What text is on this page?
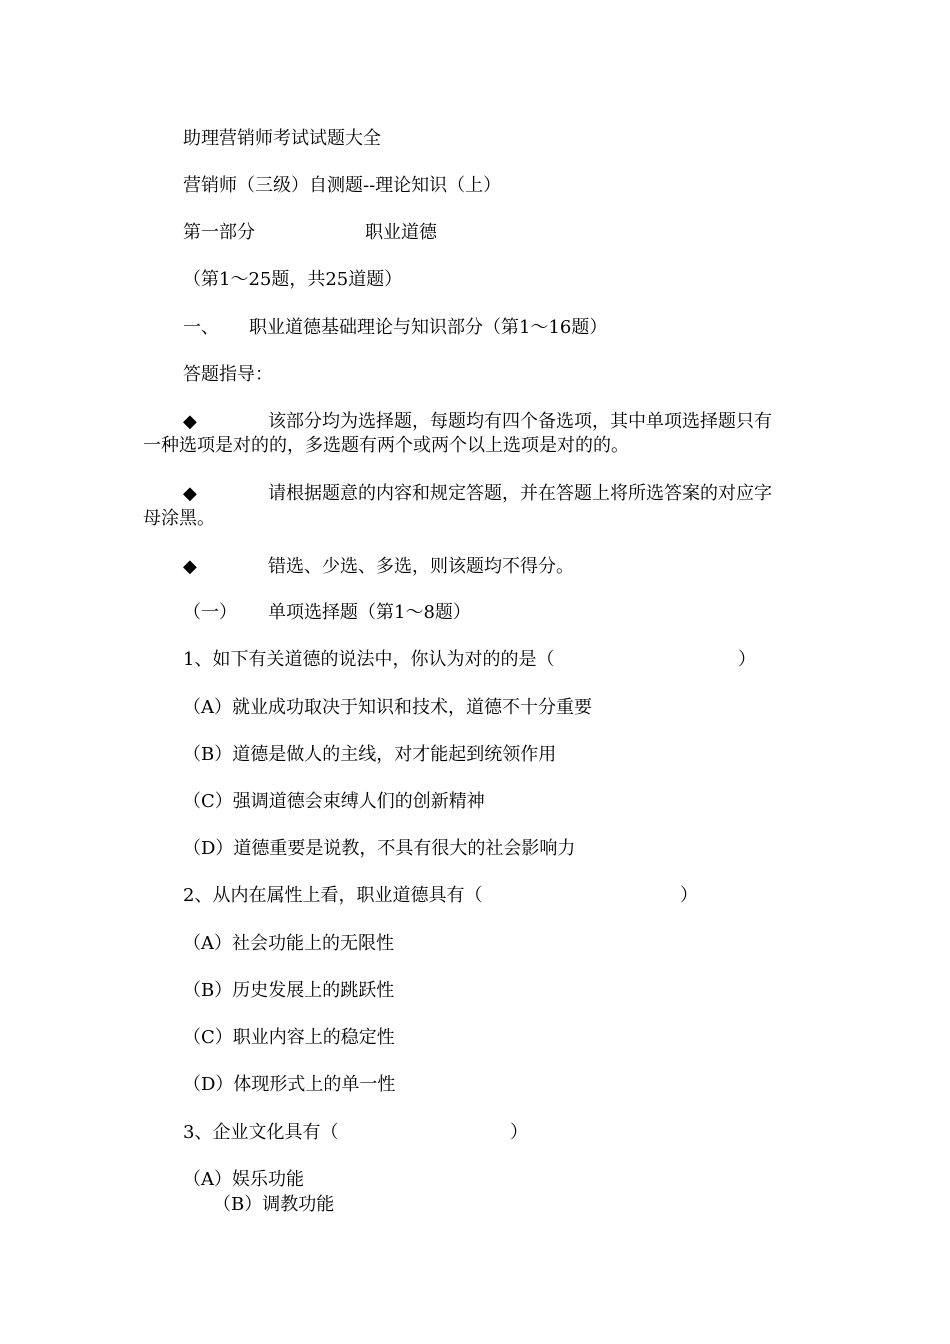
助理营销师考试试题大全
营销师（三级）自测题--理论知识（上）
第一部分	职业道德
（第1～25题，共25道题）
一、 职业道德基础理论与知识部分（第1～16题）
答题指导：
◆	该部分均为选择题，每题均有四个备选项，其中单项选择题只有
一种选项是对的的，多选题有两个或两个以上选项是对的的。
◆	请根据题意的内容和规定答题，并在答题上将所选答案的对应字
母涂黑。
◆	错选、少选、多选，则该题均不得分。
（一） 单项选择题（第1～8题）
1、如下有关道德的说法中，你认为对的的是（	）
（A）就业成功取决于知识和技术，道德不十分重要
（B）道德是做人的主线，对才能起到统领作用
（C）强调道德会束缚人们的创新精神
（D）道德重要是说教，不具有很大的社会影响力
2、从内在属性上看，职业道德具有（	）
（A）社会功能上的无限性
（B）历史发展上的跳跃性
（C）职业内容上的稳定性
（D）体现形式上的单一性
3、企业文化具有（	）
（A）娱乐功能
（B）调教功能
